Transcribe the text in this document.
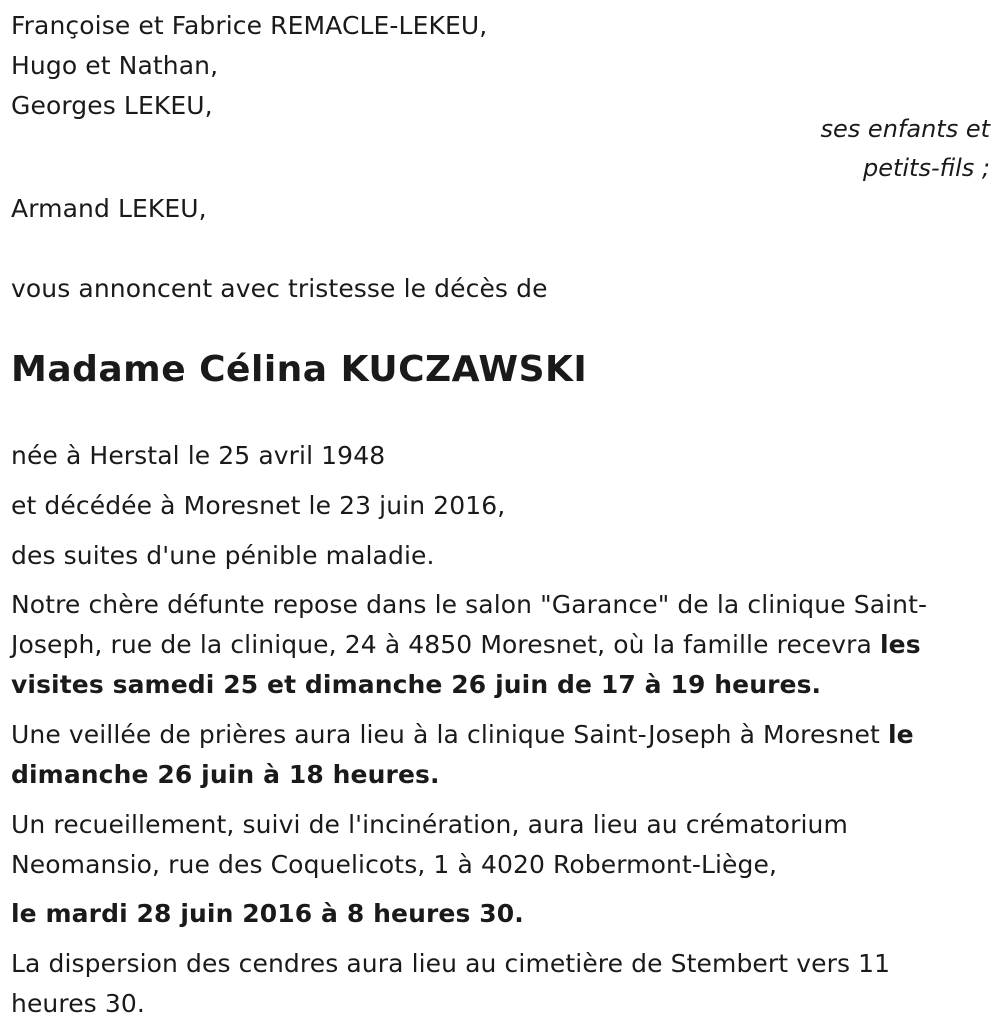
Françoise et Fabrice REMACLE-LEKEU,
Hugo et Nathan,
Georges LEKEU,
ses enfants et
petits-fils ;
Armand LEKEU,
vous annoncent avec tristesse le décès de
Madame Célina KUCZAWSKI
née à Herstal le 25 avril 1948
et décédée à Moresnet le 23 juin 2016,
des suites d'une pénible maladie.
Notre chère défunte repose dans le salon "Garance" de la clinique Saint-Joseph, rue de la clinique, 24 à 4850 Moresnet, où la famille recevra les visites samedi 25 et dimanche 26 juin de 17 à 19 heures.
Une veillée de prières aura lieu à la clinique Saint-Joseph à Moresnet le dimanche 26 juin à 18 heures.
Un recueillement, suivi de l'incinération, aura lieu au crématorium Neomansio, rue des Coquelicots, 1 à 4020 Robermont-Liège,
le mardi 28 juin 2016 à 8 heures 30.
La dispersion des cendres aura lieu au cimetière de Stembert vers 11 heures 30.
